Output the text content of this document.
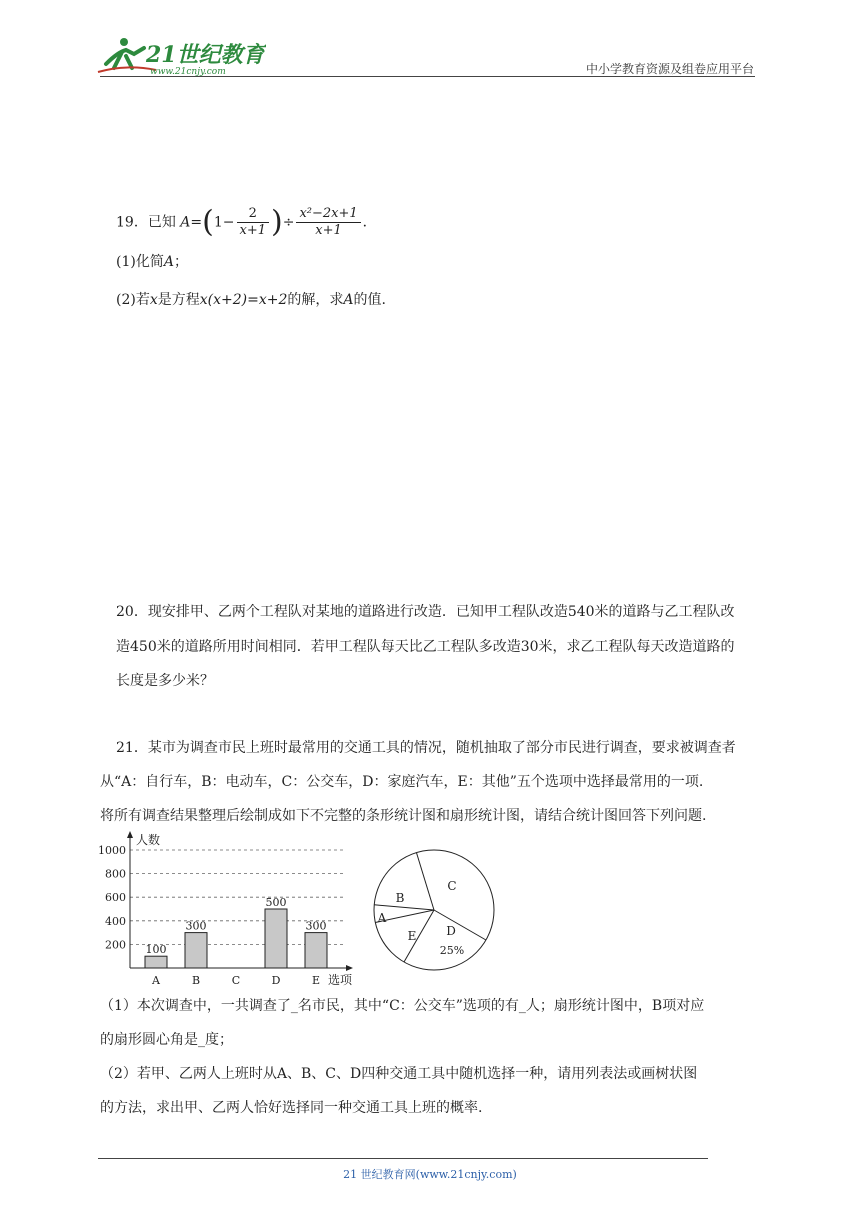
21世纪教育
www.21cnjy.com	中小学教育资源及组卷应用平台
19．已知 $A=(1- \frac{2}{x+1}$ )÷ $\frac{\text{x²−2x+1}}{x+1}$ ．
(1)化简A；
(2)若x是方程x(x+2)=x+2的解，求A的值.
20．现安排甲、乙两个工程队对某地的道路进行改造．已知甲工程队改造540米的道路与乙工程队改
造450米的道路所用时间相同．若甲工程队每天比乙工程队多改造30米，求乙工程队每天改造道路的
长度是多少米？
21．某市为调查市民上班时最常用的交通工具的情况，随机抽取了部分市民进行调查，要求被调查者
从“A：自行车，B：电动车，C：公交车，D：家庭汽车，E：其他”五个选项中选择最常用的一项.
将所有调查结果整理后绘制成如下不完整的条形统计图和扇形统计图，请结合统计图回答下列问题.
200
400
600
800
1000
人数
选项
A
100
B
300
C	D
500
E
300
C
D
E
A
B
25%
（1）本次调查中，一共调查了_名市民，其中“C：公交车”选项的有_人；扇形统计图中，B项对应
的扇形圆心角是_度；
（2）若甲、乙两人上班时从A、B、C、D四种交通工具中随机选择一种，请用列表法或画树状图
的方法，求出甲、乙两人恰好选择同一种交通工具上班的概率.
21 世纪教育网(www.21cnjy.com)
